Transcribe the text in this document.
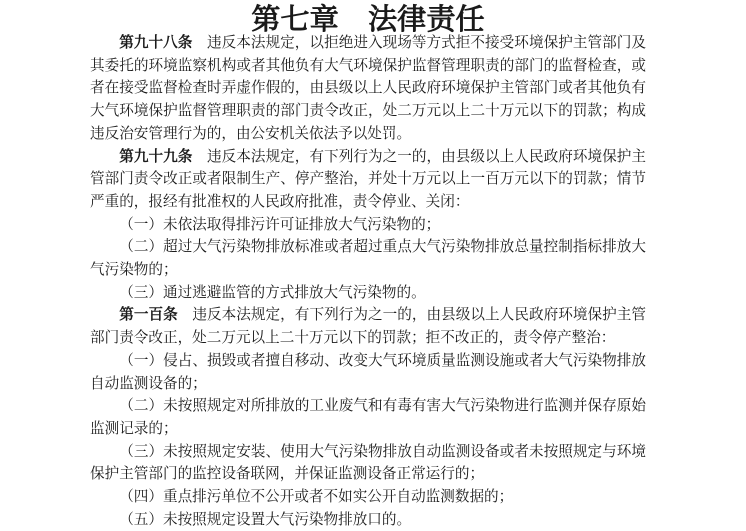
第七章　法律责任

第九十八条 违反本法规定，以拒绝进入现场等方式拒不接受环境保护主管部门及其委托的环境监察机构或者其他负有大气环境保护监督管理职责的部门的监督检查，或者在接受监督检查时弄虚作假的，由县级以上人民政府环境保护主管部门或者其他负有大气环境保护监督管理职责的部门责令改正，处二万元以上二十万元以下的罚款；构成违反治安管理行为的，由公安机关依法予以处罚。

第九十九条 违反本法规定，有下列行为之一的，由县级以上人民政府环境保护主管部门责令改正或者限制生产、停产整治，并处十万元以上一百万元以下的罚款；情节严重的，报经有批准权的人民政府批准，责令停业、关闭：

（一）未依法取得排污许可证排放大气污染物的；

（二）超过大气污染物排放标准或者超过重点大气污染物排放总量控制指标排放大气污染物的；

（三）通过逃避监管的方式排放大气污染物的。

第一百条 违反本法规定，有下列行为之一的，由县级以上人民政府环境保护主管部门责令改正，处二万元以上二十万元以下的罚款；拒不改正的，责令停产整治：

（一）侵占、损毁或者擅自移动、改变大气环境质量监测设施或者大气污染物排放自动监测设备的；

（二）未按照规定对所排放的工业废气和有毒有害大气污染物进行监测并保存原始监测记录的；

（三）未按照规定安装、使用大气污染物排放自动监测设备或者未按照规定与环境保护主管部门的监控设备联网，并保证监测设备正常运行的；

（四）重点排污单位不公开或者不如实公开自动监测数据的；

（五）未按照规定设置大气污染物排放口的。
